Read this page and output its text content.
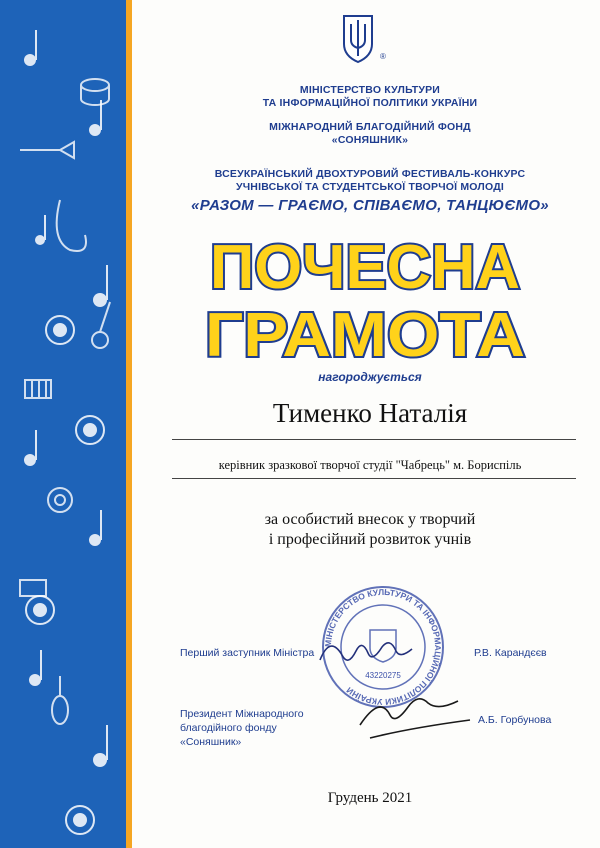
®

МІНІСТЕРСТВО КУЛЬТУРИ

ТА ІНФОРМАЦІЙНОЇ ПОЛІТИКИ УКРАЇНИ

МІЖНАРОДНИЙ БЛАГОДІЙНИЙ ФОНД

«СОНЯШНИК»

ВСЕУКРАЇНСЬКИЙ ДВОХТУРОВИЙ ФЕСТИВАЛЬ-КОНКУРС

УЧНІВСЬКОЇ ТА СТУДЕНТСЬКОЇ ТВОРЧОЇ МОЛОДІ

«РАЗОМ — ГРАЄМО, СПІВАЄМО, ТАНЦЮЄМО»
ПОЧЕСНА
ГРАМОТА
нагороджується
Тименко Наталія
керівник зразкової творчої студії "Чабрець" м. Бориспіль
за особистий внесок у творчий
і професійний розвиток учнів
МІНІСТЕРСТВО КУЛЬТУРИ ТА ІНФОРМАЦІЙНОЇ ПОЛІТИКИ УКРАЇНИ
43220275
Перший заступник Міністра	Р.В. Карандєєв
Президент Міжнародного
благодійного фонду
«Соняшник»
А.Б. Горбунова
Грудень 2021
